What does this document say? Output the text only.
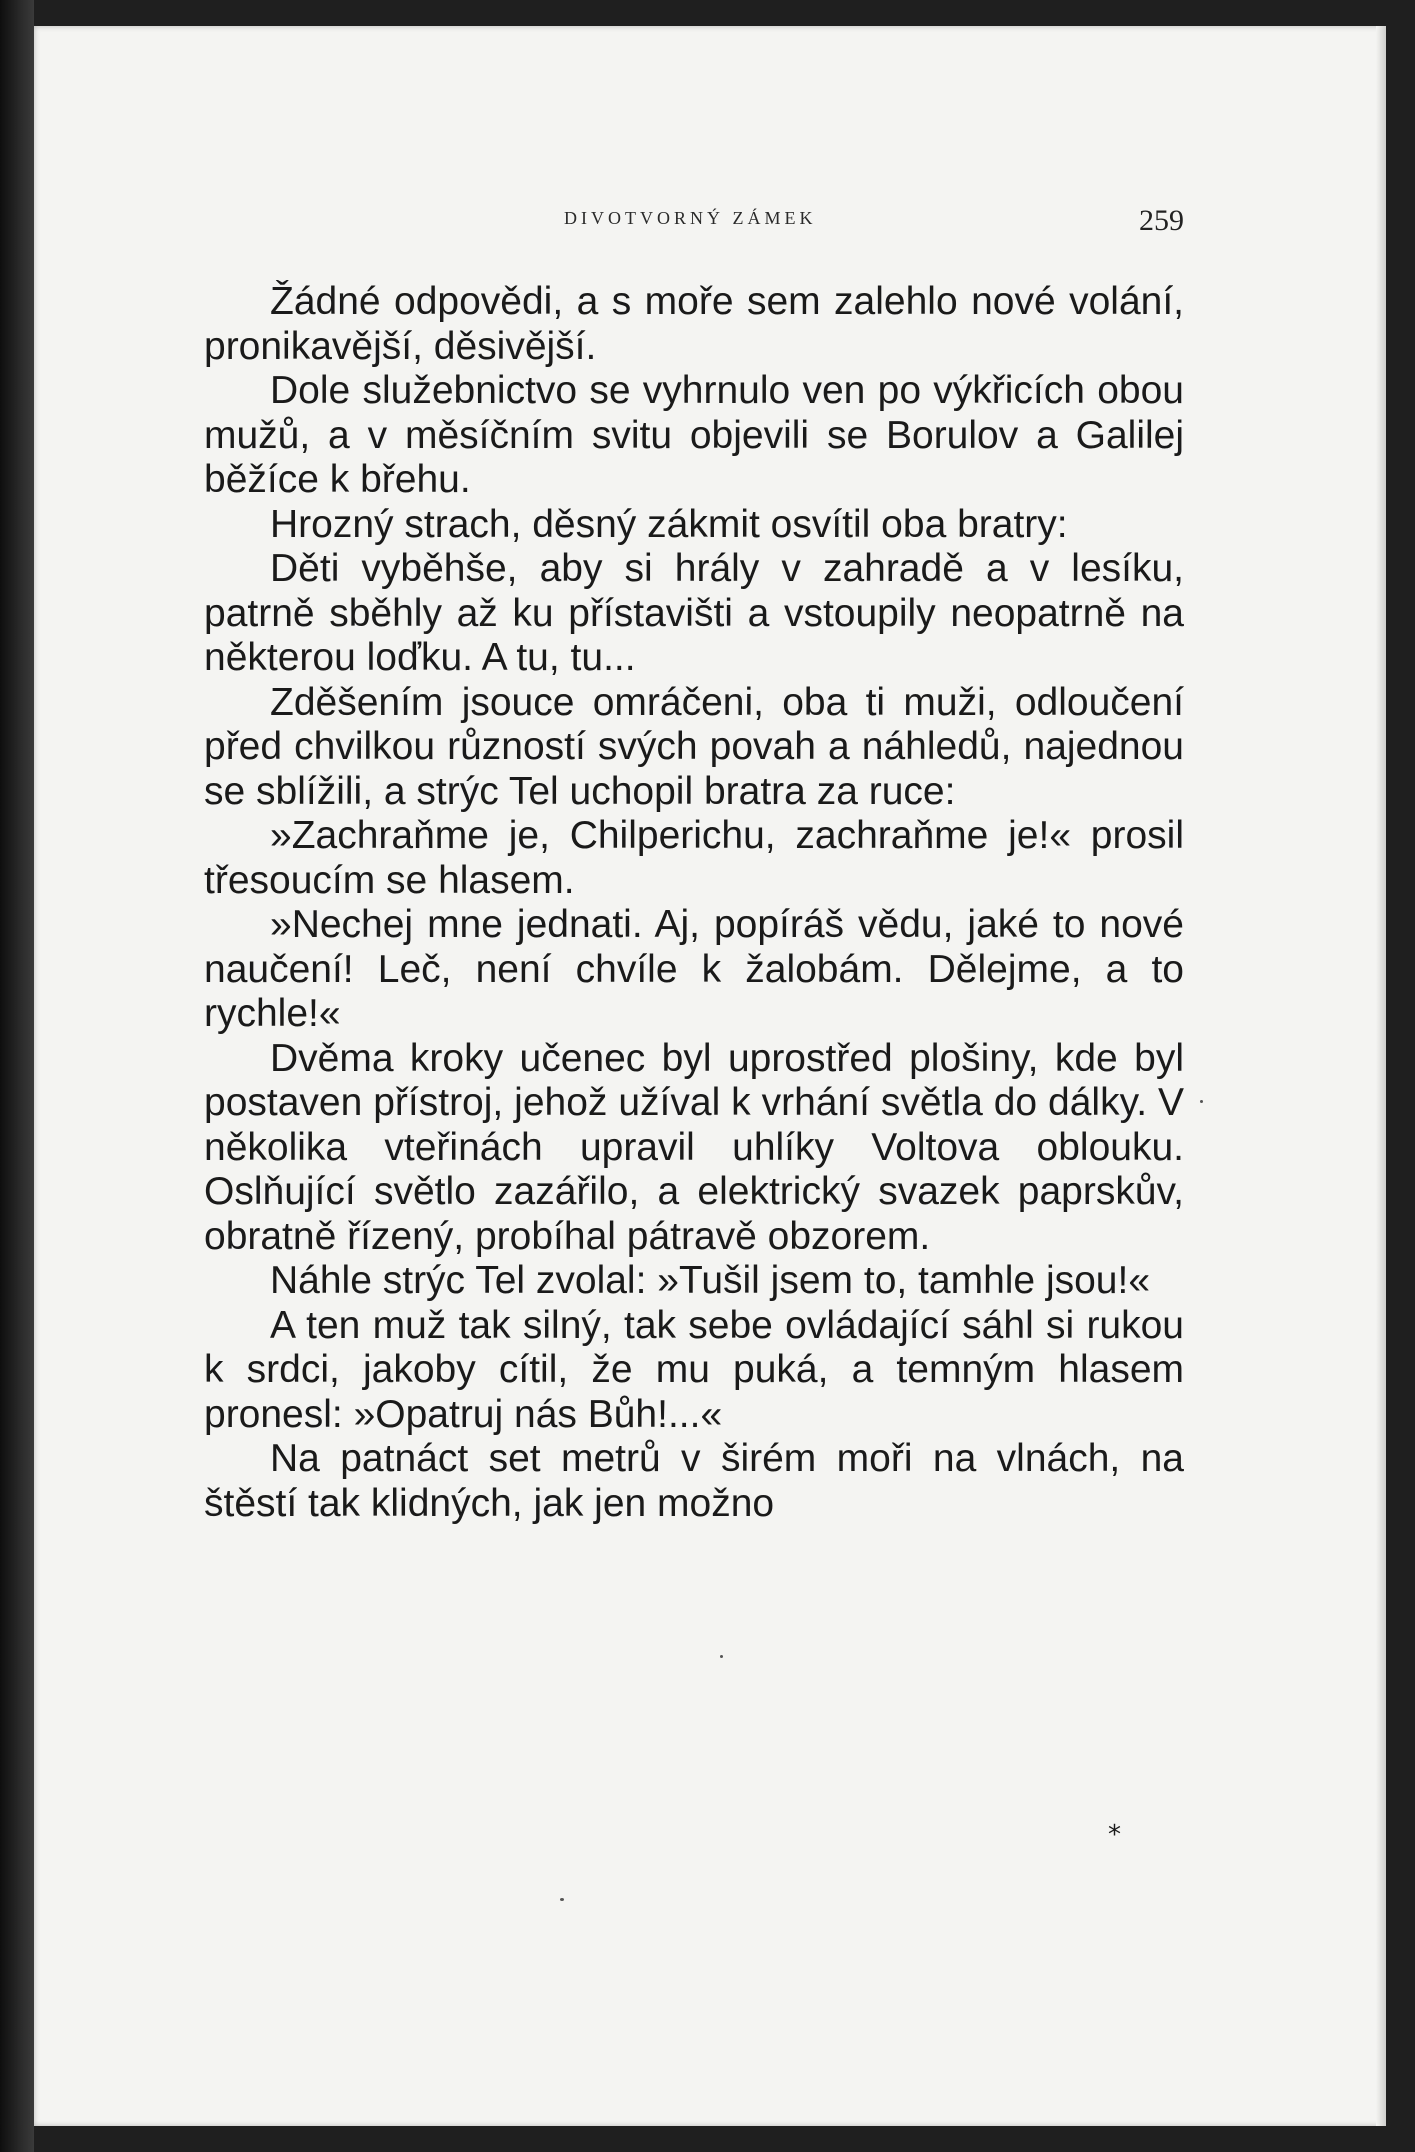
DIVOTVORNÝ ZÁMEK	259

Žádné odpovědi, a s moře sem zalehlo nové volání, pronikavější, děsivější.

Dole služebnictvo se vyhrnulo ven po výkřicích obou mužů, a v měsíčním svitu objevili se Borulov a Galilej běžíce k břehu.

Hrozný strach, děsný zákmit osvítil oba bratry:

Děti vyběhše, aby si hrály v zahradě a v lesíku, patrně sběhly až ku přístavišti a vstoupily neopatrně na některou loďku. A tu, tu...

Zděšením jsouce omráčeni, oba ti muži, odloučení před chvilkou růzností svých povah a náhledů, najednou se sblížili, a strýc Tel uchopil bratra za ruce:

»Zachraňme je, Chilperichu, zachraňme je!« prosil třesoucím se hlasem.

»Nechej mne jednati. Aj, popíráš vědu, jaké to nové naučení! Leč, není chvíle k žalobám. Dělejme, a to rychle!«

Dvěma kroky učenec byl uprostřed plošiny, kde byl postaven přístroj, jehož užíval k vrhání světla do dálky. V několika vteřinách upravil uhlíky Voltova oblouku. Oslňující světlo zazářilo, a elektrický svazek paprskův, obratně řízený, probíhal pátravě obzorem.

Náhle strýc Tel zvolal: »Tušil jsem to, tamhle jsou!«

A ten muž tak silný, tak sebe ovládající sáhl si rukou k srdci, jakoby cítil, že mu puká, a temným hlasem pronesl: »Opatruj nás Bůh!...«

Na patnáct set metrů v širém moři na vlnách, na štěstí tak klidných, jak jen možno

*
